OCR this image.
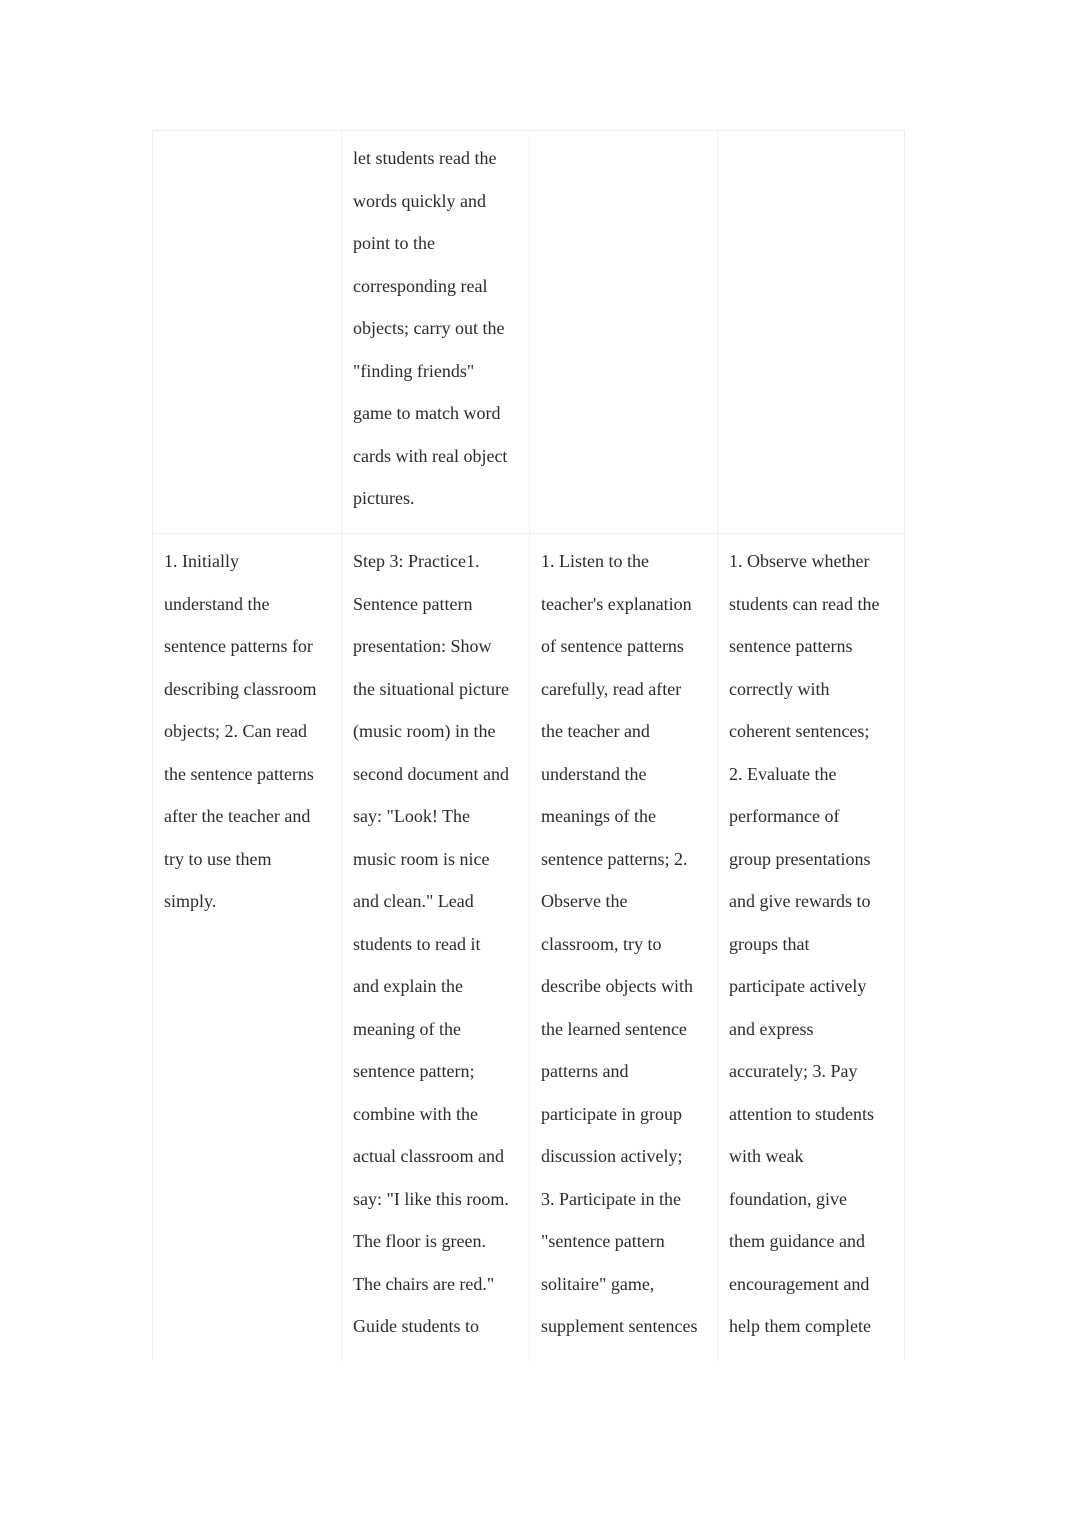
let students read the
words quickly and
point to the
corresponding real
objects; carry out the
"finding friends"
game to match word
cards with real object
pictures.
1. Initially
understand the
sentence patterns for
describing classroom
objects; 2. Can read
the sentence patterns
after the teacher and
try to use them
simply.
Step 3: Practice1.
Sentence pattern
presentation: Show
the situational picture
(music room) in the
second document and
say: "Look! The
music room is nice
and clean." Lead
students to read it
and explain the
meaning of the
sentence pattern;
combine with the
actual classroom and
say: "I like this room.
The floor is green.
The chairs are red."
Guide students to
1. Listen to the
teacher's explanation
of sentence patterns
carefully, read after
the teacher and
understand the
meanings of the
sentence patterns; 2.
Observe the
classroom, try to
describe objects with
the learned sentence
patterns and
participate in group
discussion actively;
3. Participate in the
"sentence pattern
solitaire" game,
supplement sentences
1. Observe whether
students can read the
sentence patterns
correctly with
coherent sentences;
2. Evaluate the
performance of
group presentations
and give rewards to
groups that
participate actively
and express
accurately; 3. Pay
attention to students
with weak
foundation, give
them guidance and
encouragement and
help them complete
